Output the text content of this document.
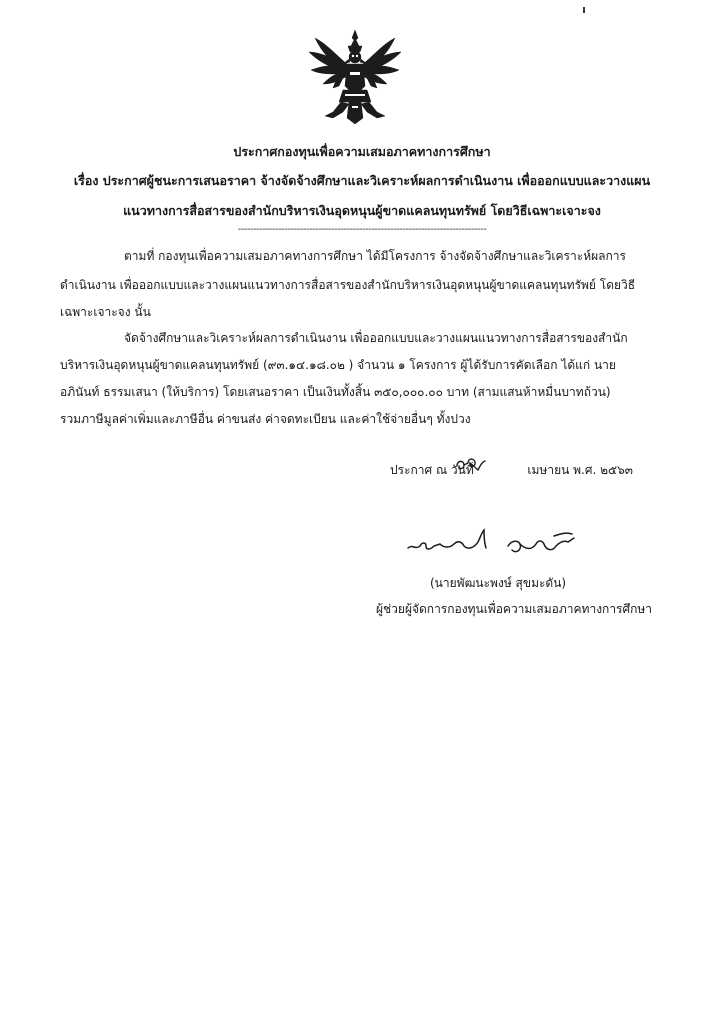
ประกาศกองทุนเพื่อความเสมอภาคทางการศึกษา
เรื่อง ประกาศผู้ชนะการเสนอราคา จ้างจัดจ้างศึกษาและวิเคราะห์ผลการดำเนินงาน เพื่อออกแบบและวางแผน
แนวทางการสื่อสารของสำนักบริหารเงินอุดหนุนผู้ขาดแคลนทุนทรัพย์ โดยวิธีเฉพาะเจาะจง
--------------------------------------------------------------------------------
ตามที่ กองทุนเพื่อความเสมอภาคทางการศึกษา ได้มีโครงการ จ้างจัดจ้างศึกษาและวิเคราะห์ผลการ
ดำเนินงาน เพื่อออกแบบและวางแผนแนวทางการสื่อสารของสำนักบริหารเงินอุดหนุนผู้ขาดแคลนทุนทรัพย์ โดยวิธี
เฉพาะเจาะจง นั้น
จัดจ้างศึกษาและวิเคราะห์ผลการดำเนินงาน เพื่อออกแบบและวางแผนแนวทางการสื่อสารของสำนัก
บริหารเงินอุดหนุนผู้ขาดแคลนทุนทรัพย์ (๙๓.๑๔.๑๘.๐๒ ) จำนวน ๑ โครงการ ผู้ได้รับการคัดเลือก ได้แก่ นาย
อภินันท์ ธรรมเสนา (ให้บริการ) โดยเสนอราคา เป็นเงินทั้งสิ้น ๓๕๐,๐๐๐.๐๐ บาท (สามแสนห้าหมื่นบาทถ้วน)
รวมภาษีมูลค่าเพิ่มและภาษีอื่น ค่าขนส่ง ค่าจดทะเบียน และค่าใช้จ่ายอื่นๆ ทั้งปวง
ประกาศ ณ วันที่	เมษายน พ.ศ. ๒๕๖๓
(นายพัฒนะพงษ์ สุขมะดัน)
ผู้ช่วยผู้จัดการกองทุนเพื่อความเสมอภาคทางการศึกษา
